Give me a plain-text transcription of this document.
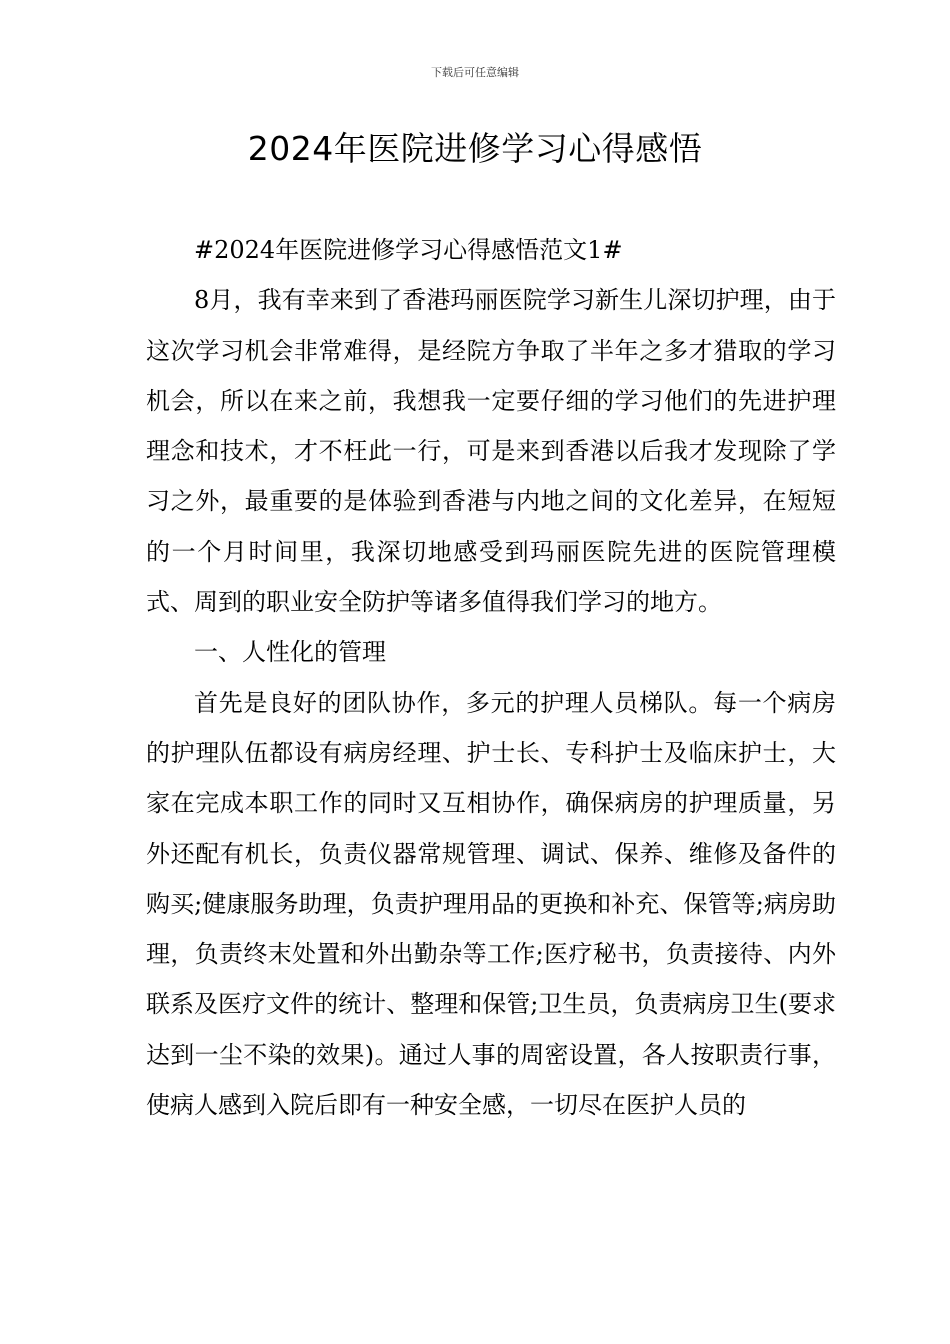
下载后可任意编辑
2024年医院进修学习心得感悟

#2024年医院进修学习心得感悟范文1#

8月，我有幸来到了香港玛丽医院学习新生儿深切护理，由于这次学习机会非常难得，是经院方争取了半年之多才猎取的学习机会，所以在来之前，我想我一定要仔细的学习他们的先进护理理念和技术，才不枉此一行，可是来到香港以后我才发现除了学习之外，最重要的是体验到香港与内地之间的文化差异，在短短的一个月时间里，我深切地感受到玛丽医院先进的医院管理模式、周到的职业安全防护等诸多值得我们学习的地方。

一、人性化的管理

首先是良好的团队协作，多元的护理人员梯队。每一个病房的护理队伍都设有病房经理、护士长、专科护士及临床护士，大家在完成本职工作的同时又互相协作，确保病房的护理质量，另外还配有机长，负责仪器常规管理、调试、保养、维修及备件的购买;健康服务助理，负责护理用品的更换和补充、保管等;病房助理，负责终末处置和外出勤杂等工作;医疗秘书，负责接待、内外联系及医疗文件的统计、整理和保管;卫生员，负责病房卫生(要求达到一尘不染的效果)。通过人事的周密设置，各人按职责行事，使病人感到入院后即有一种安全感，一切尽在医护人员的
